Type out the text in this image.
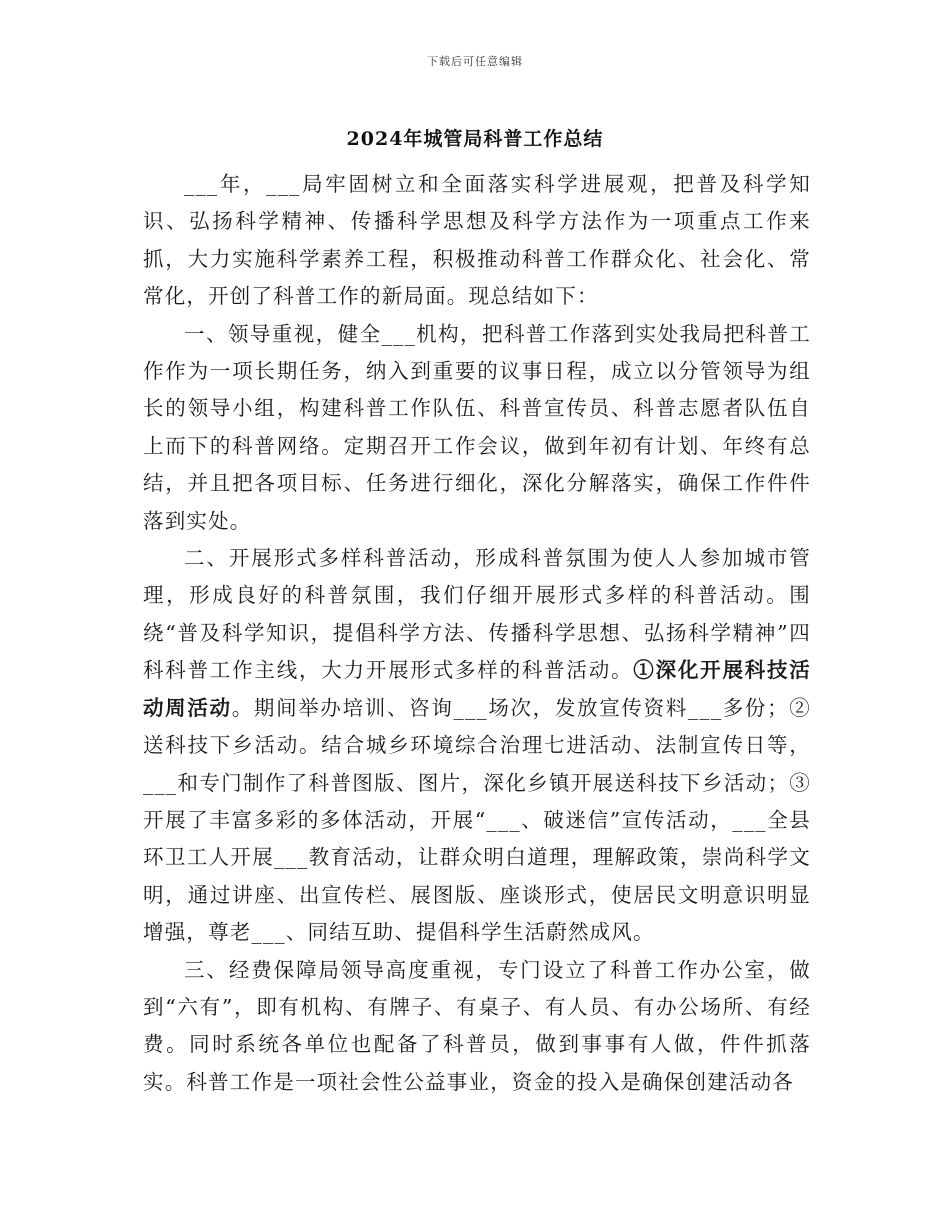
下载后可任意编辑
2024年城管局科普工作总结

___年，___局牢固树立和全面落实科学进展观，把普及科学知识、弘扬科学精神、传播科学思想及科学方法作为一项重点工作来抓，大力实施科学素养工程，积极推动科普工作群众化、社会化、常常化，开创了科普工作的新局面。现总结如下：

一、领导重视，健全___机构，把科普工作落到实处我局把科普工作作为一项长期任务，纳入到重要的议事日程，成立以分管领导为组长的领导小组，构建科普工作队伍、科普宣传员、科普志愿者队伍自上而下的科普网络。定期召开工作会议，做到年初有计划、年终有总结，并且把各项目标、任务进行细化，深化分解落实，确保工作件件落到实处。

二、开展形式多样科普活动，形成科普氛围为使人人参加城市管理，形成良好的科普氛围，我们仔细开展形式多样的科普活动。围绕“普及科学知识，提倡科学方法、传播科学思想、弘扬科学精神”四科科普工作主线，大力开展形式多样的科普活动。①深化开展科技活动周活动。期间举办培训、咨询___场次，发放宣传资料___多份；②送科技下乡活动。结合城乡环境综合治理七进活动、法制宣传日等，___和专门制作了科普图版、图片，深化乡镇开展送科技下乡活动；③开展了丰富多彩的多体活动，开展“___、破迷信”宣传活动，___全县环卫工人开展___教育活动，让群众明白道理，理解政策，崇尚科学文明，通过讲座、出宣传栏、展图版、座谈形式，使居民文明意识明显增强，尊老___、同结互助、提倡科学生活蔚然成风。

三、经费保障局领导高度重视，专门设立了科普工作办公室，做到“六有”，即有机构、有牌子、有桌子、有人员、有办公场所、有经费。同时系统各单位也配备了科普员，做到事事有人做，件件抓落实。科普工作是一项社会性公益事业，资金的投入是确保创建活动各
